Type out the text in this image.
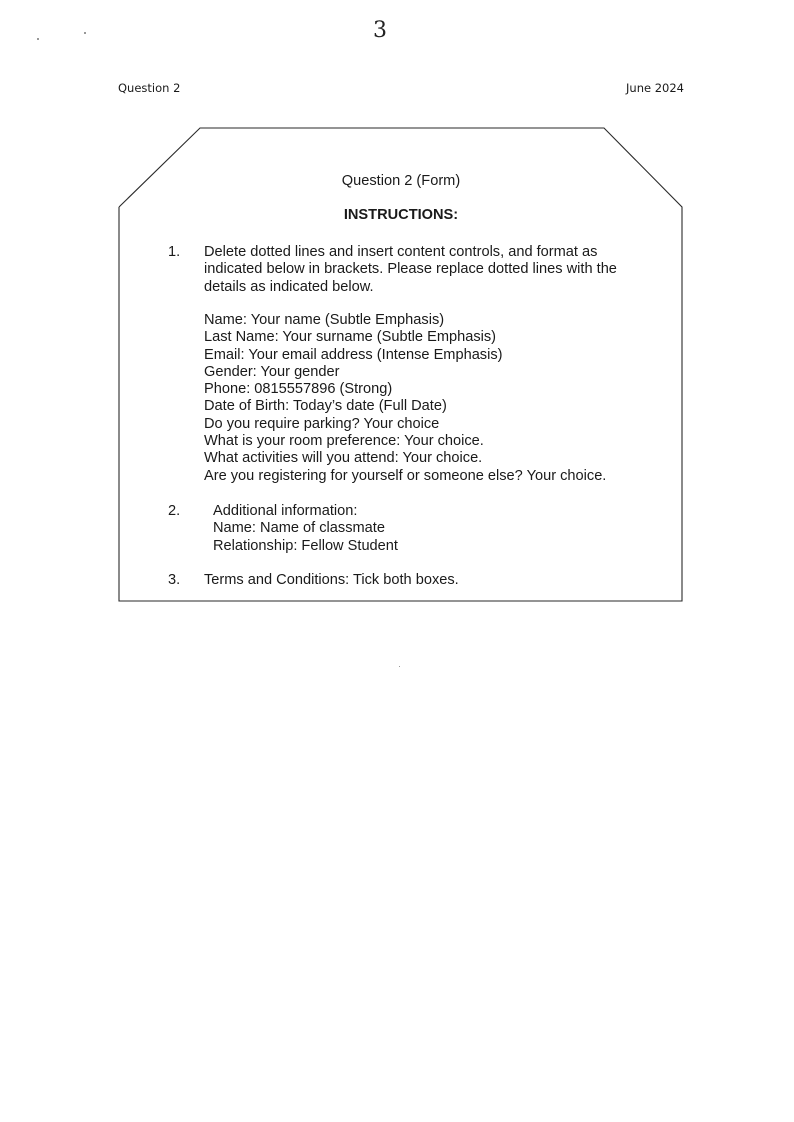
3
Question 2	June 2024
Question 2 (Form)
INSTRUCTIONS:
1. Delete dotted lines and insert content controls, and format as
indicated below in brackets. Please replace dotted lines with the
details as indicated below.
Name: Your name (Subtle Emphasis)
Last Name: Your surname (Subtle Emphasis)
Email: Your email address (Intense Emphasis)
Gender: Your gender
Phone: 0815557896 (Strong)
Date of Birth: Today’s date (Full Date)
Do you require parking? Your choice
What is your room preference: Your choice.
What activities will you attend: Your choice.
Are you registering for yourself or someone else? Your choice.
2. Additional information:
Name: Name of classmate
Relationship: Fellow Student
3. Terms and Conditions: Tick both boxes.
